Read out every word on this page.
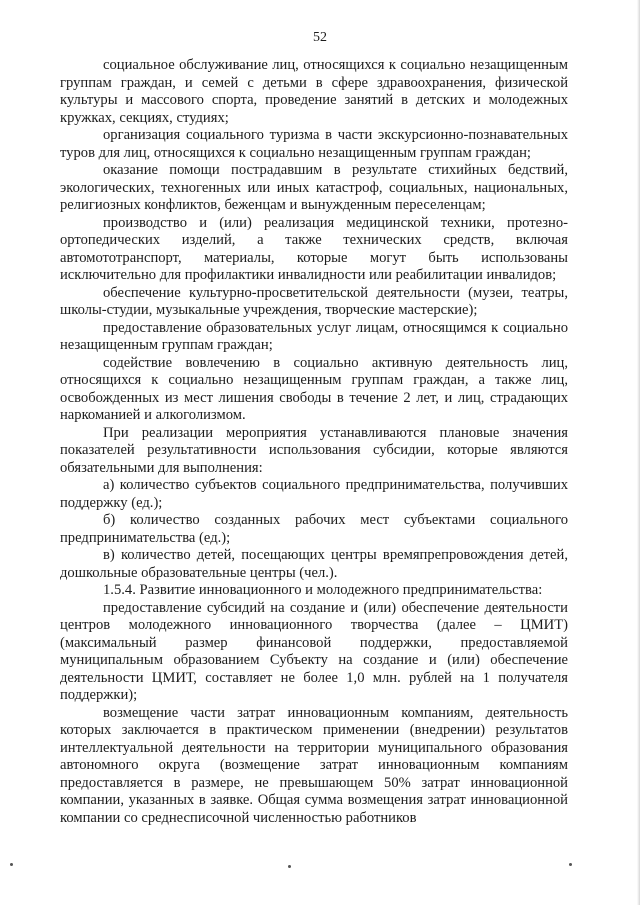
52

социальное обслуживание лиц, относящихся к социально незащищенным группам граждан, и семей с детьми в сфере здравоохранения, физической культуры и массового спорта, проведение занятий в детских и молодежных кружках, секциях, студиях;

организация социального туризма в части экскурсионно-познавательных туров для лиц, относящихся к социально незащищенным группам граждан;

оказание помощи пострадавшим в результате стихийных бедствий, экологических, техногенных или иных катастроф, социальных, национальных, религиозных конфликтов, беженцам и вынужденным переселенцам;

производство и (или) реализация медицинской техники, протезно-ортопедических изделий, а также технических средств, включая автомототранспорт, материалы, которые могут быть использованы исключительно для профилактики инвалидности или реабилитации инвалидов;

обеспечение культурно-просветительской деятельности (музеи, театры, школы-студии, музыкальные учреждения, творческие мастерские);

предоставление образовательных услуг лицам, относящимся к социально незащищенным группам граждан;

содействие вовлечению в социально активную деятельность лиц, относящихся к социально незащищенным группам граждан, а также лиц, освобожденных из мест лишения свободы в течение 2 лет, и лиц, страдающих наркоманией и алкоголизмом.

При реализации мероприятия устанавливаются плановые значения показателей результативности использования субсидии, которые являются обязательными для выполнения:

а) количество субъектов социального предпринимательства, получивших поддержку (ед.);

б) количество созданных рабочих мест субъектами социального предпринимательства (ед.);

в) количество детей, посещающих центры времяпрепровождения детей, дошкольные образовательные центры (чел.).

1.5.4. Развитие инновационного и молодежного предпринимательства:

предоставление субсидий на создание и (или) обеспечение деятельности центров молодежного инновационного творчества (далее – ЦМИТ) (максимальный размер финансовой поддержки, предоставляемой муниципальным образованием Субъекту на создание и (или) обеспечение деятельности ЦМИТ, составляет не более 1,0 млн. рублей на 1 получателя поддержки);

возмещение части затрат инновационным компаниям, деятельность которых заключается в практическом применении (внедрении) результатов интеллектуальной деятельности на территории муниципального образования автономного округа (возмещение затрат инновационным компаниям предоставляется в размере, не превышающем 50% затрат инновационной компании, указанных в заявке. Общая сумма возмещения затрат инновационной компании со среднесписочной численностью работников
